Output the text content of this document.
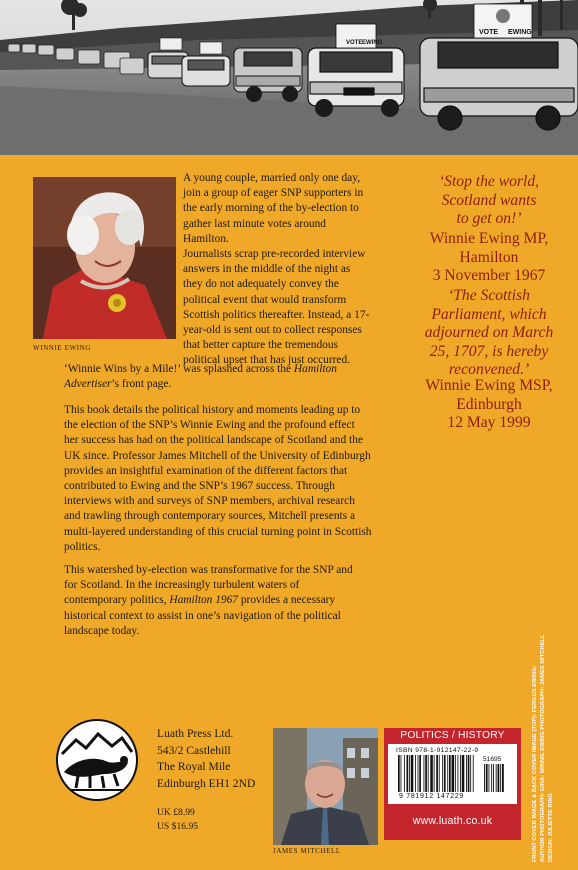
VOTE EWING
VOTE EWING
WINNIE EWING

A young couple, married only one day, join a group of eager SNP supporters in the early morning of the by-election to gather last minute votes around Hamilton.

Journalists scrap pre-recorded interview answers in the middle of the night as they do not adequately convey the political event that would transform Scottish politics thereafter. Instead, a 17-year-old is sent out to collect responses that better capture the tremendous political upset that has just occurred.

‘Winnie Wins by a Mile!’ was splashed across the Hamilton Advertiser’s front page.

This book details the political history and moments leading up to the election of the SNP’s Winnie Ewing and the profound effect her success has had on the political landscape of Scotland and the UK since. Professor James Mitchell of the University of Edinburgh provides an insightful examination of the different factors that contributed to Ewing and the SNP’s 1967 success. Through interviews with and surveys of SNP members, archival research and trawling through contemporary sources, Mitchell presents a multi-layered understanding of this crucial turning point in Scottish politics.

This watershed by-election was transformative for the SNP and for Scotland. In the increasingly turbulent waters of contemporary politics, Hamilton 1967 provides a necessary historical context to assist in one’s navigation of the political landscape today.

‘Stop the world,
Scotland wants
to get on!’
Winnie Ewing MP,
Hamilton
3 November 1967
‘The Scottish
Parliament, which
adjourned on March
25, 1707, is hereby
reconvened.’
Winnie Ewing MSP,
Edinburgh
12 May 1999
Luath Press Ltd.
543/2 Castlehill
The Royal Mile
Edinburgh EH1 2ND
UK £8.99
US $16.95
JAMES MITCHELL
POLITICS / HISTORY
ISBN 978-1-912147-22-9
51695
9 781912 147229
www.luath.co.uk	FRONT COVER IMAGE & BACK COVER IMAGE (TOP): FERGUS EWING; AUTHOR PHOTOGRAPH: GINA; WINNIE EWING PHOTOGRAPH: JAMES MITCHELL DESIGN: JULIETTE RING
